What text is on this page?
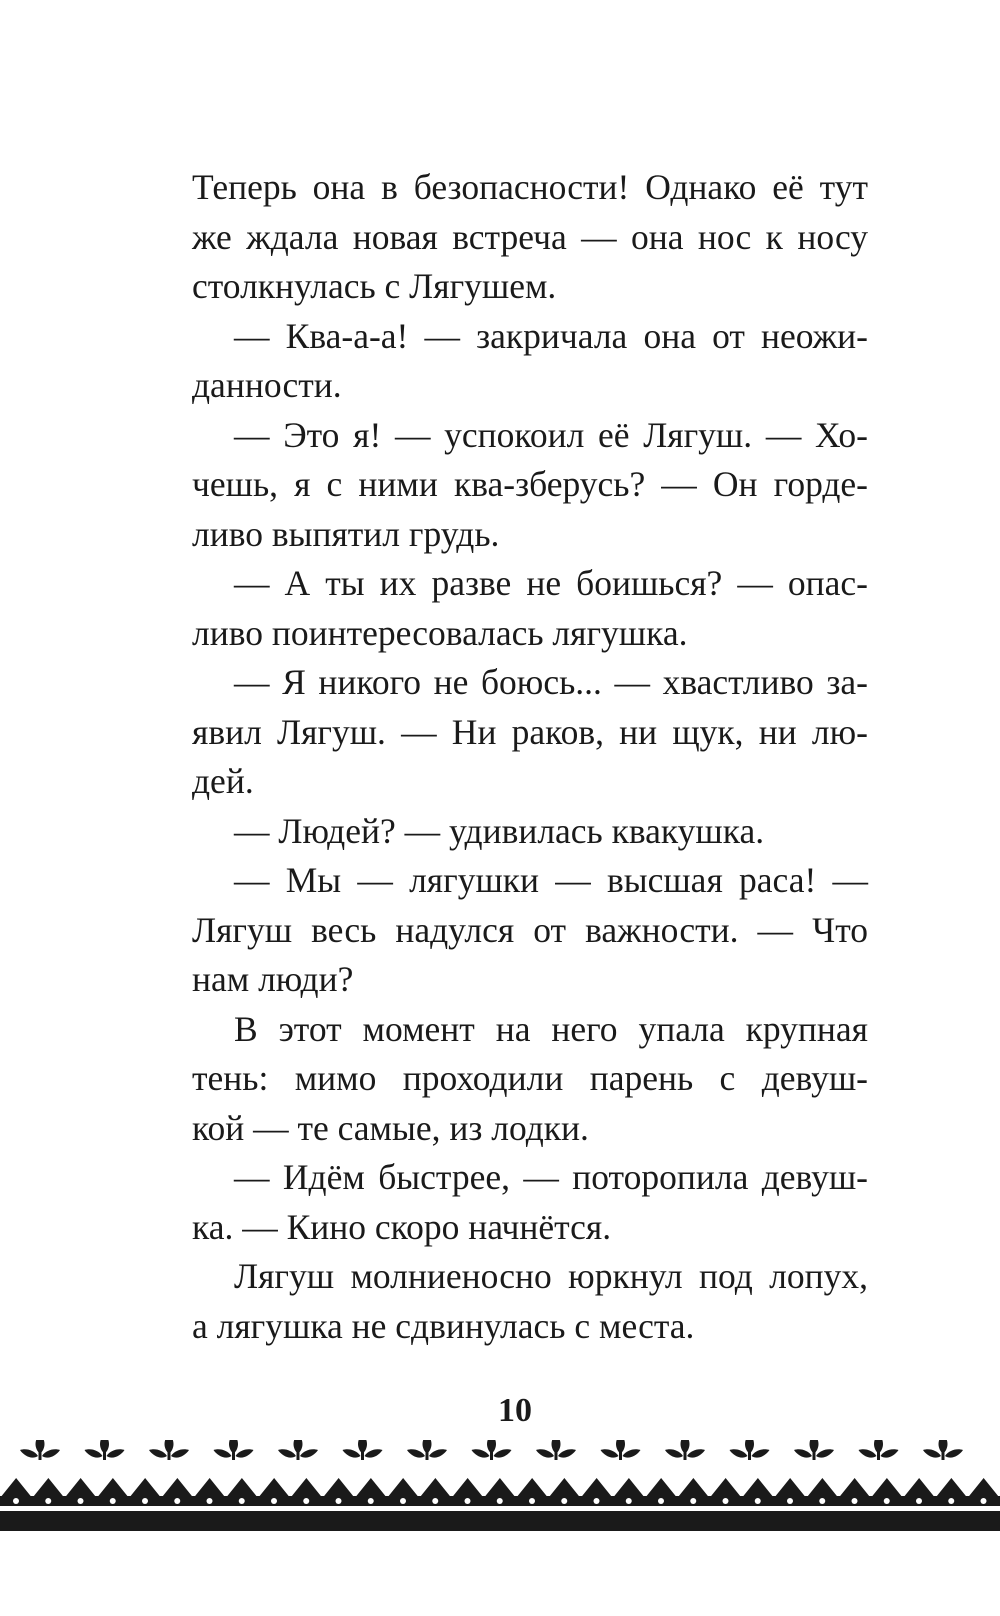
Теперь она в безопасности! Однако её тут
же ждала новая встреча — она нос к носу
столкнулась с Лягушем.
— Ква-а-а! — закричала она от неожи-
данности.
— Это я! — успокоил её Лягуш. — Хо-
чешь, я с ними ква-зберусь? — Он горде-
ливо выпятил грудь.
— А ты их разве не боишься? — опас-
ливо поинтересовалась лягушка.
— Я никого не боюсь... — хвастливо за-
явил Лягуш. — Ни раков, ни щук, ни лю-
дей.
— Людей? — удивилась квакушка.
— Мы — лягушки — высшая раса! —
Лягуш весь надулся от важности. — Что
нам люди?
В этот момент на него упала крупная
тень: мимо проходили парень с девуш-
кой — те самые, из лодки.
— Идём быстрее, — поторопила девуш-
ка. — Кино скоро начнётся.
Лягуш молниеносно юркнул под лопух,
а лягушка не сдвинулась с места.
10
